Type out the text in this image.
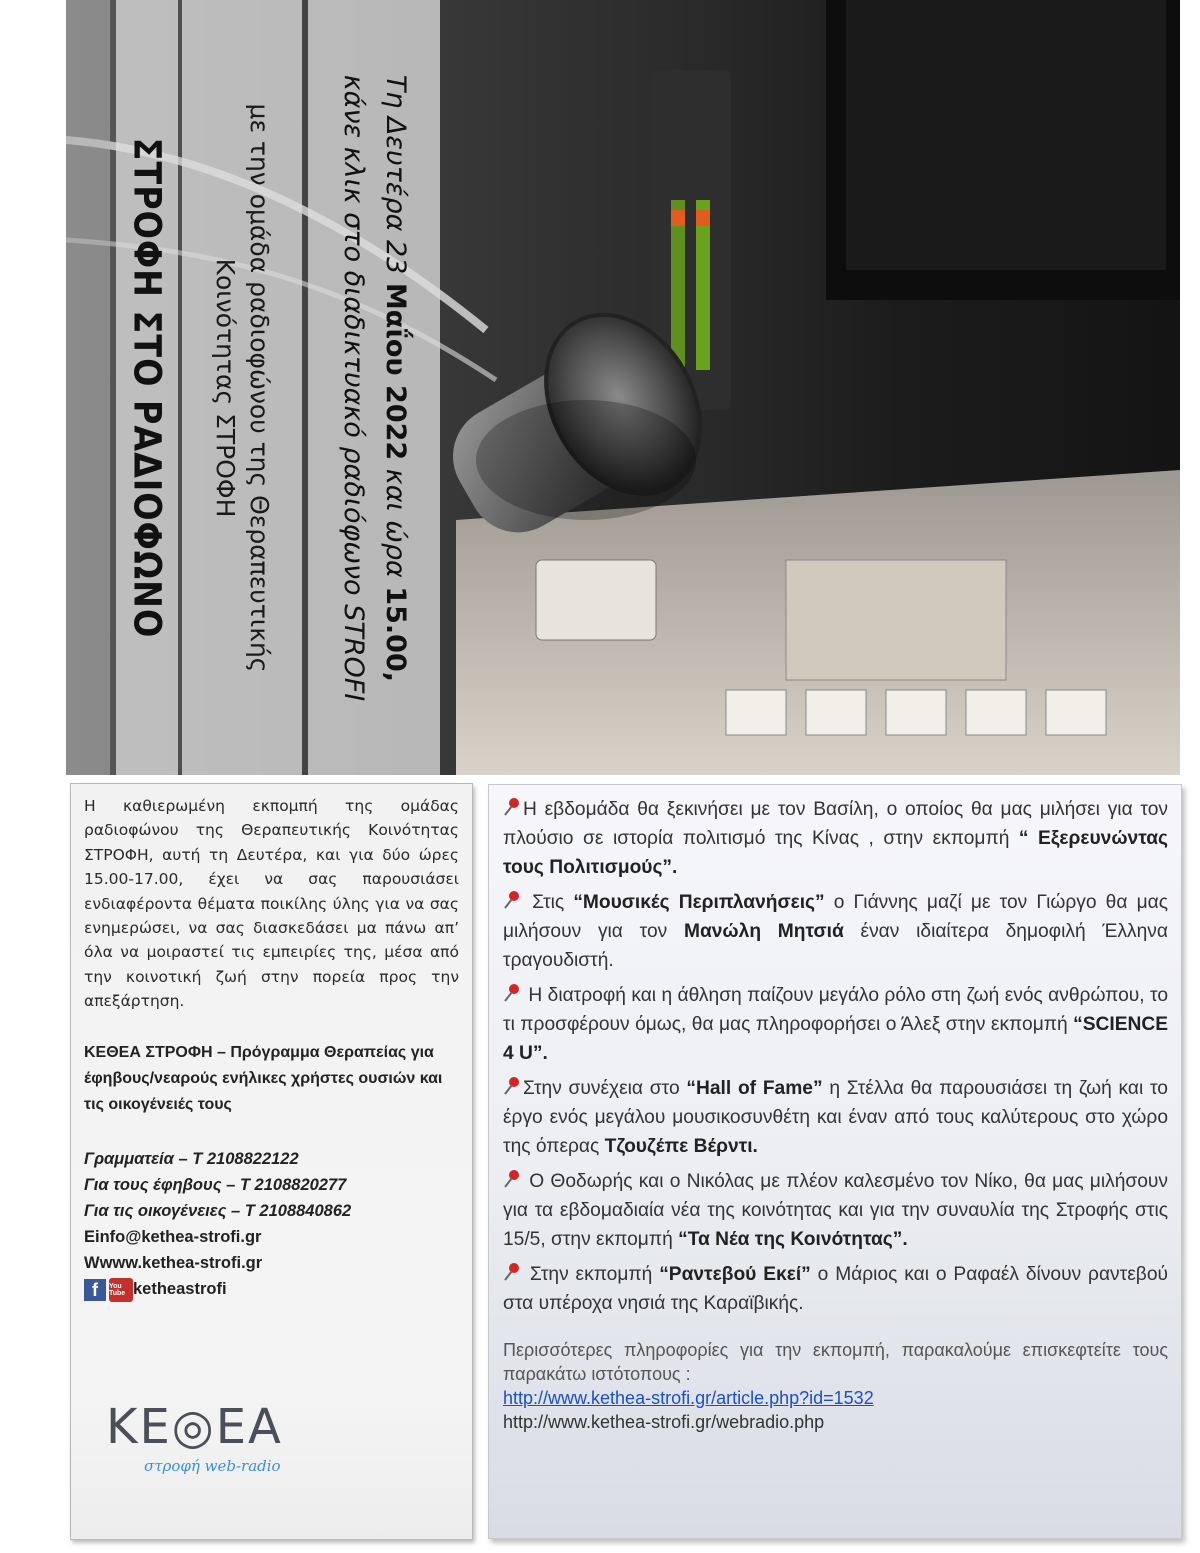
ΣΤΡΟΦΗ ΣΤΟ ΡΑΔΙΟΦΩΝΟ	με την ομάδα ραδιοφώνου της Θεραπευτικής
Κοινότητας ΣΤΡΟΦΗ
Τη Δευτέρα 23 Μαΐου 2022 και ώρα 15.00,
κάνε κλικ στο διαδικτυακό ραδιόφωνο STROFI

Η καθιερωμένη εκπομπή της ομάδας ραδιοφώνου της Θεραπευτικής Κοινότητας ΣΤΡΟΦΗ, αυτή τη Δευτέρα, και για δύο ώρες 15.00-17.00, έχει να σας παρουσιάσει ενδιαφέροντα θέματα ποικίλης ύλης για να σας ενημερώσει, να σας διασκεδάσει μα πάνω απ’ όλα να μοιραστεί τις εμπειρίες της, μέσα από την κοινοτική ζωή στην πορεία προς την απεξάρτηση.

ΚΕΘΕΑ ΣΤΡΟΦΗ – Πρόγραμμα Θεραπείας για έφηβους/νεαρούς ενήλικες χρήστες ουσιών και τις οικογένειές τους

Γραμματεία – Τ 2108822122

Για τους έφηβους – Τ 2108820277

Για τις οικογένειες – Τ 2108840862

Einfo@kethea-strofi.gr

Wwww.kethea-strofi.gr

f	You Tube ketheastrofi
ΚΕ◎ΕΑ
στροφή web-radio

Η εβδομάδα θα ξεκινήσει με τον Βασίλη, ο οποίος θα μας μιλήσει για τον πλούσιο σε ιστορία πολιτισμό της Κίνας , στην εκπομπή “ Εξερευνώντας τους Πολιτισμούς”.

Στις “Μουσικές Περιπλανήσεις” ο Γιάννης μαζί με τον Γιώργο θα μας μιλήσουν για τον Μανώλη Μητσιά έναν ιδιαίτερα δημοφιλή Έλληνα τραγουδιστή.

Η διατροφή και η άθληση παίζουν μεγάλο ρόλο στη ζωή ενός ανθρώπου, το τι προσφέρουν όμως, θα μας πληροφορήσει ο Άλεξ στην εκπομπή “SCIENCE 4 U”.

Στην συνέχεια στο “Hall of Fame” η Στέλλα θα παρουσιάσει τη ζωή και το έργο ενός μεγάλου μουσικοσυνθέτη και έναν από τους καλύτερους στο χώρο της όπερας Τζουζέπε Βέρντι.

Ο Θοδωρής και ο Νικόλας με πλέον καλεσμένο τον Νίκο, θα μας μιλήσουν για τα εβδομαδιαία νέα της κοινότητας και για την συναυλία της Στροφής στις 15/5, στην εκπομπή “Τα Νέα της Κοινότητας”.

Στην εκπομπή “Ραντεβού Εκεί” ο Μάριος και ο Ραφαέλ δίνουν ραντεβού στα υπέροχα νησιά της Καραϊβικής.

Περισσότερες πληροφορίες για την εκπομπή, παρακαλούμε επισκεφτείτε τους παρακάτω ιστότοπους :

http://www.kethea-strofi.gr/article.php?id=1532
http://www.kethea-strofi.gr/webradio.php
